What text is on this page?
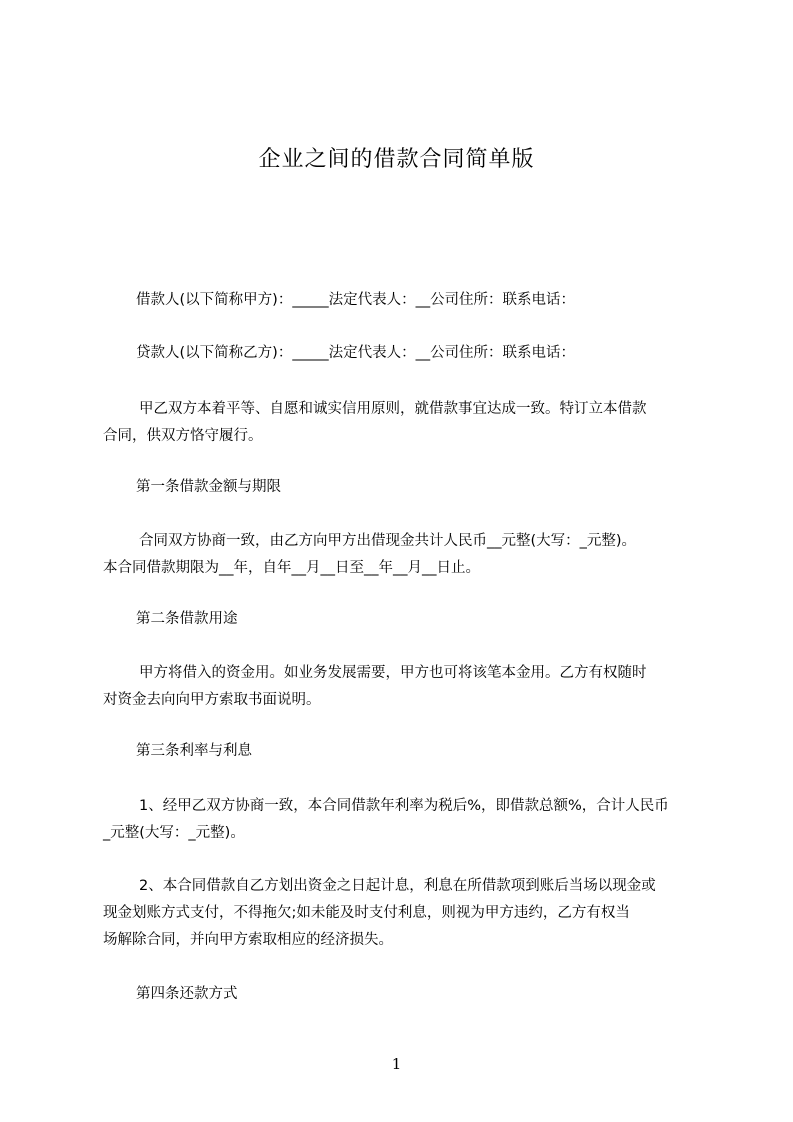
企业之间的借款合同简单版
借款人(以下简称甲方)：_____法定代表人：__公司住所：联系电话：
贷款人(以下简称乙方)：_____法定代表人：__公司住所：联系电话：
甲乙双方本着平等、自愿和诚实信用原则，就借款事宜达成一致。特订立本借款
合同，供双方恪守履行。
第一条借款金额与期限
合同双方协商一致，由乙方向甲方出借现金共计人民币__元整(大写：_元整)。
本合同借款期限为__年，自年__月__日至__年__月__日止。
第二条借款用途
甲方将借入的资金用。如业务发展需要，甲方也可将该笔本金用。乙方有权随时
对资金去向向甲方索取书面说明。
第三条利率与利息
1、经甲乙双方协商一致，本合同借款年利率为税后%，即借款总额%，合计人民币
_元整(大写：_元整)。
2、本合同借款自乙方划出资金之日起计息，利息在所借款项到账后当场以现金或
现金划账方式支付，不得拖欠;如未能及时支付利息，则视为甲方违约，乙方有权当
场解除合同，并向甲方索取相应的经济损失。
第四条还款方式
1
